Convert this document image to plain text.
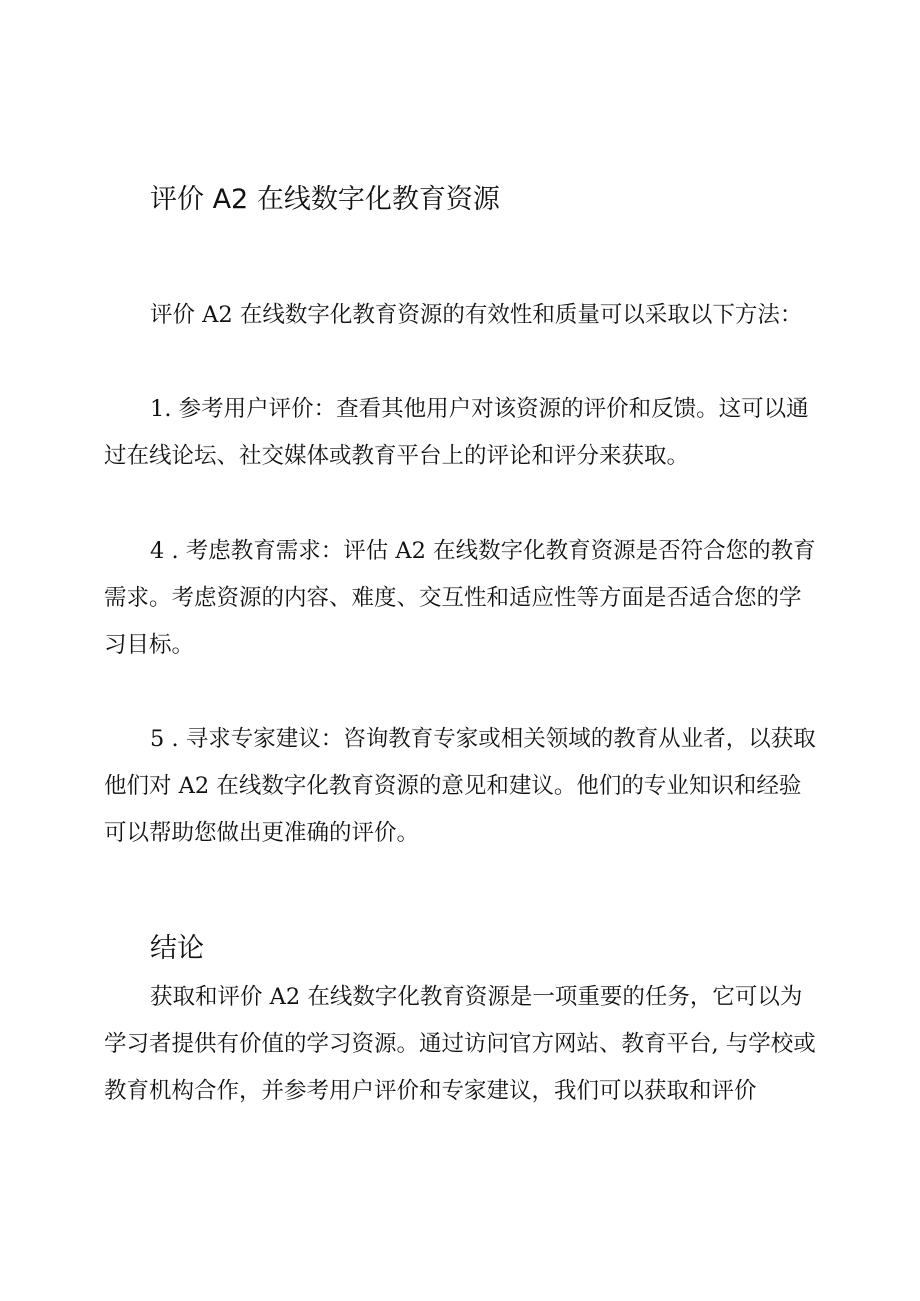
评价 A2 在线数字化教育资源

评价 A2 在线数字化教育资源的有效性和质量可以采取以下方法：

1. 参考用户评价：查看其他用户对该资源的评价和反馈。这可以通过在线论坛、社交媒体或教育平台上的评论和评分来获取。

4 . 考虑教育需求：评估 A2 在线数字化教育资源是否符合您的教育需求。考虑资源的内容、难度、交互性和适应性等方面是否适合您的学习目标。

5 . 寻求专家建议：咨询教育专家或相关领域的教育从业者，以获取他们对 A2 在线数字化教育资源的意见和建议。他们的专业知识和经验可以帮助您做出更准确的评价。

结论

获取和评价 A2 在线数字化教育资源是一项重要的任务，它可以为学习者提供有价值的学习资源。通过访问官方网站、教育平台, 与学校或教育机构合作，并参考用户评价和专家建议，我们可以获取和评价
